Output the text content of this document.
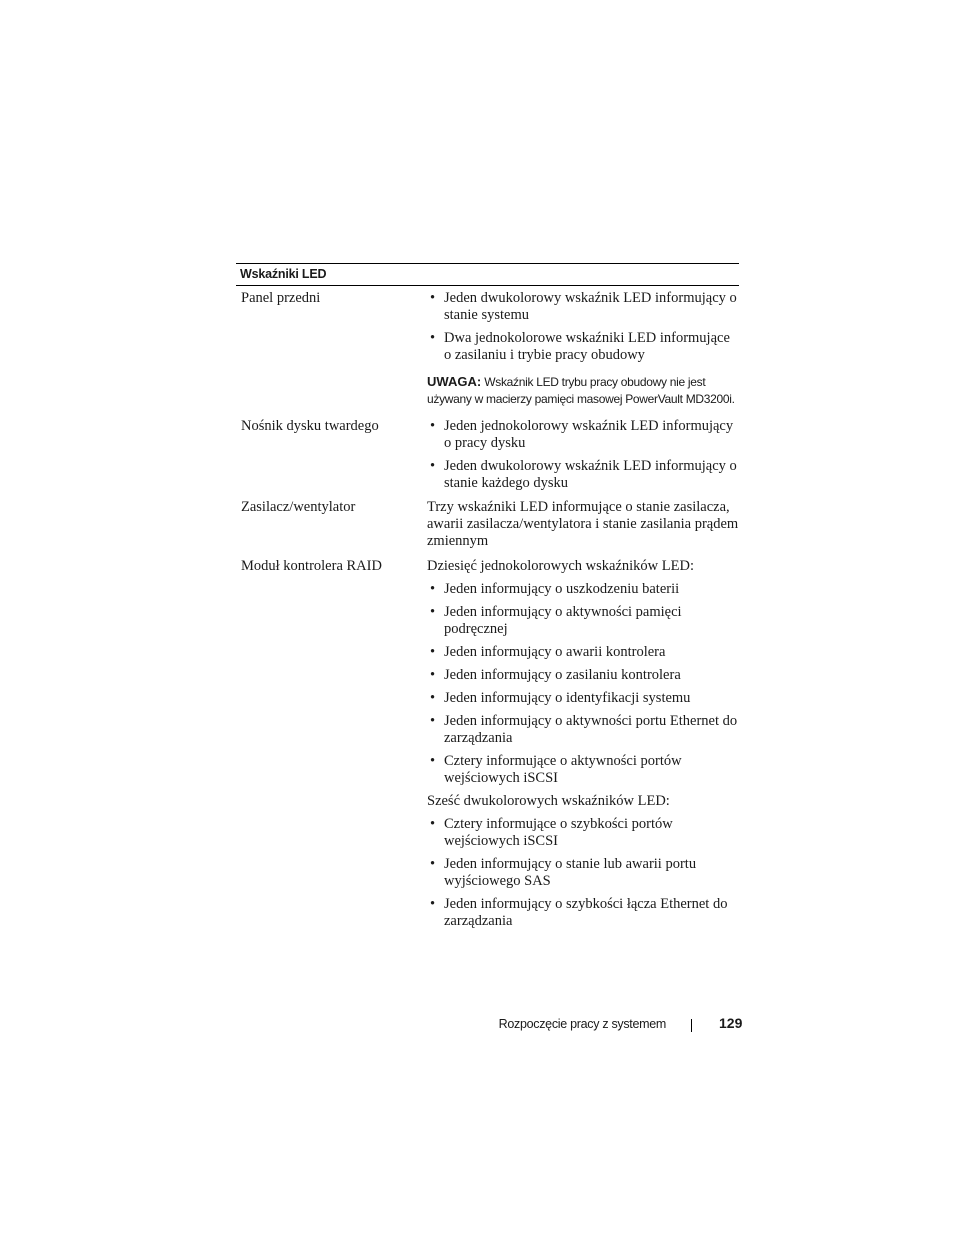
Wskaźniki LED
Panel przedni	• Jeden dwukolorowy wskaźnik LED informujący o stanie systemu
• Dwa jednokolorowe wskaźniki LED informujące o zasilaniu i trybie pracy obudowy
UWAGA: Wskaźnik LED trybu pracy obudowy nie jest używany w macierzy pamięci masowej PowerVault MD3200i.
Nośnik dysku twardego	• Jeden jednokolorowy wskaźnik LED informujący o pracy dysku
• Jeden dwukolorowy wskaźnik LED informujący o stanie każdego dysku
Zasilacz/wentylator	Trzy wskaźniki LED informujące o stanie zasilacza, awarii zasilacza/wentylatora i stanie zasilania prądem zmiennym
Moduł kontrolera RAID	Dziesięć jednokolorowych wskaźników LED:
• Jeden informujący o uszkodzeniu baterii
• Jeden informujący o aktywności pamięci podręcznej
• Jeden informujący o awarii kontrolera
• Jeden informujący o zasilaniu kontrolera
• Jeden informujący o identyfikacji systemu
• Jeden informujący o aktywności portu Ethernet do zarządzania
• Cztery informujące o aktywności portów wejściowych iSCSI
Sześć dwukolorowych wskaźników LED:
• Cztery informujące o szybkości portów wejściowych iSCSI
• Jeden informujący o stanie lub awarii portu wyjściowego SAS
• Jeden informujący o szybkości łącza Ethernet do zarządzania
Rozpoczęcie pracy z systemem	129
